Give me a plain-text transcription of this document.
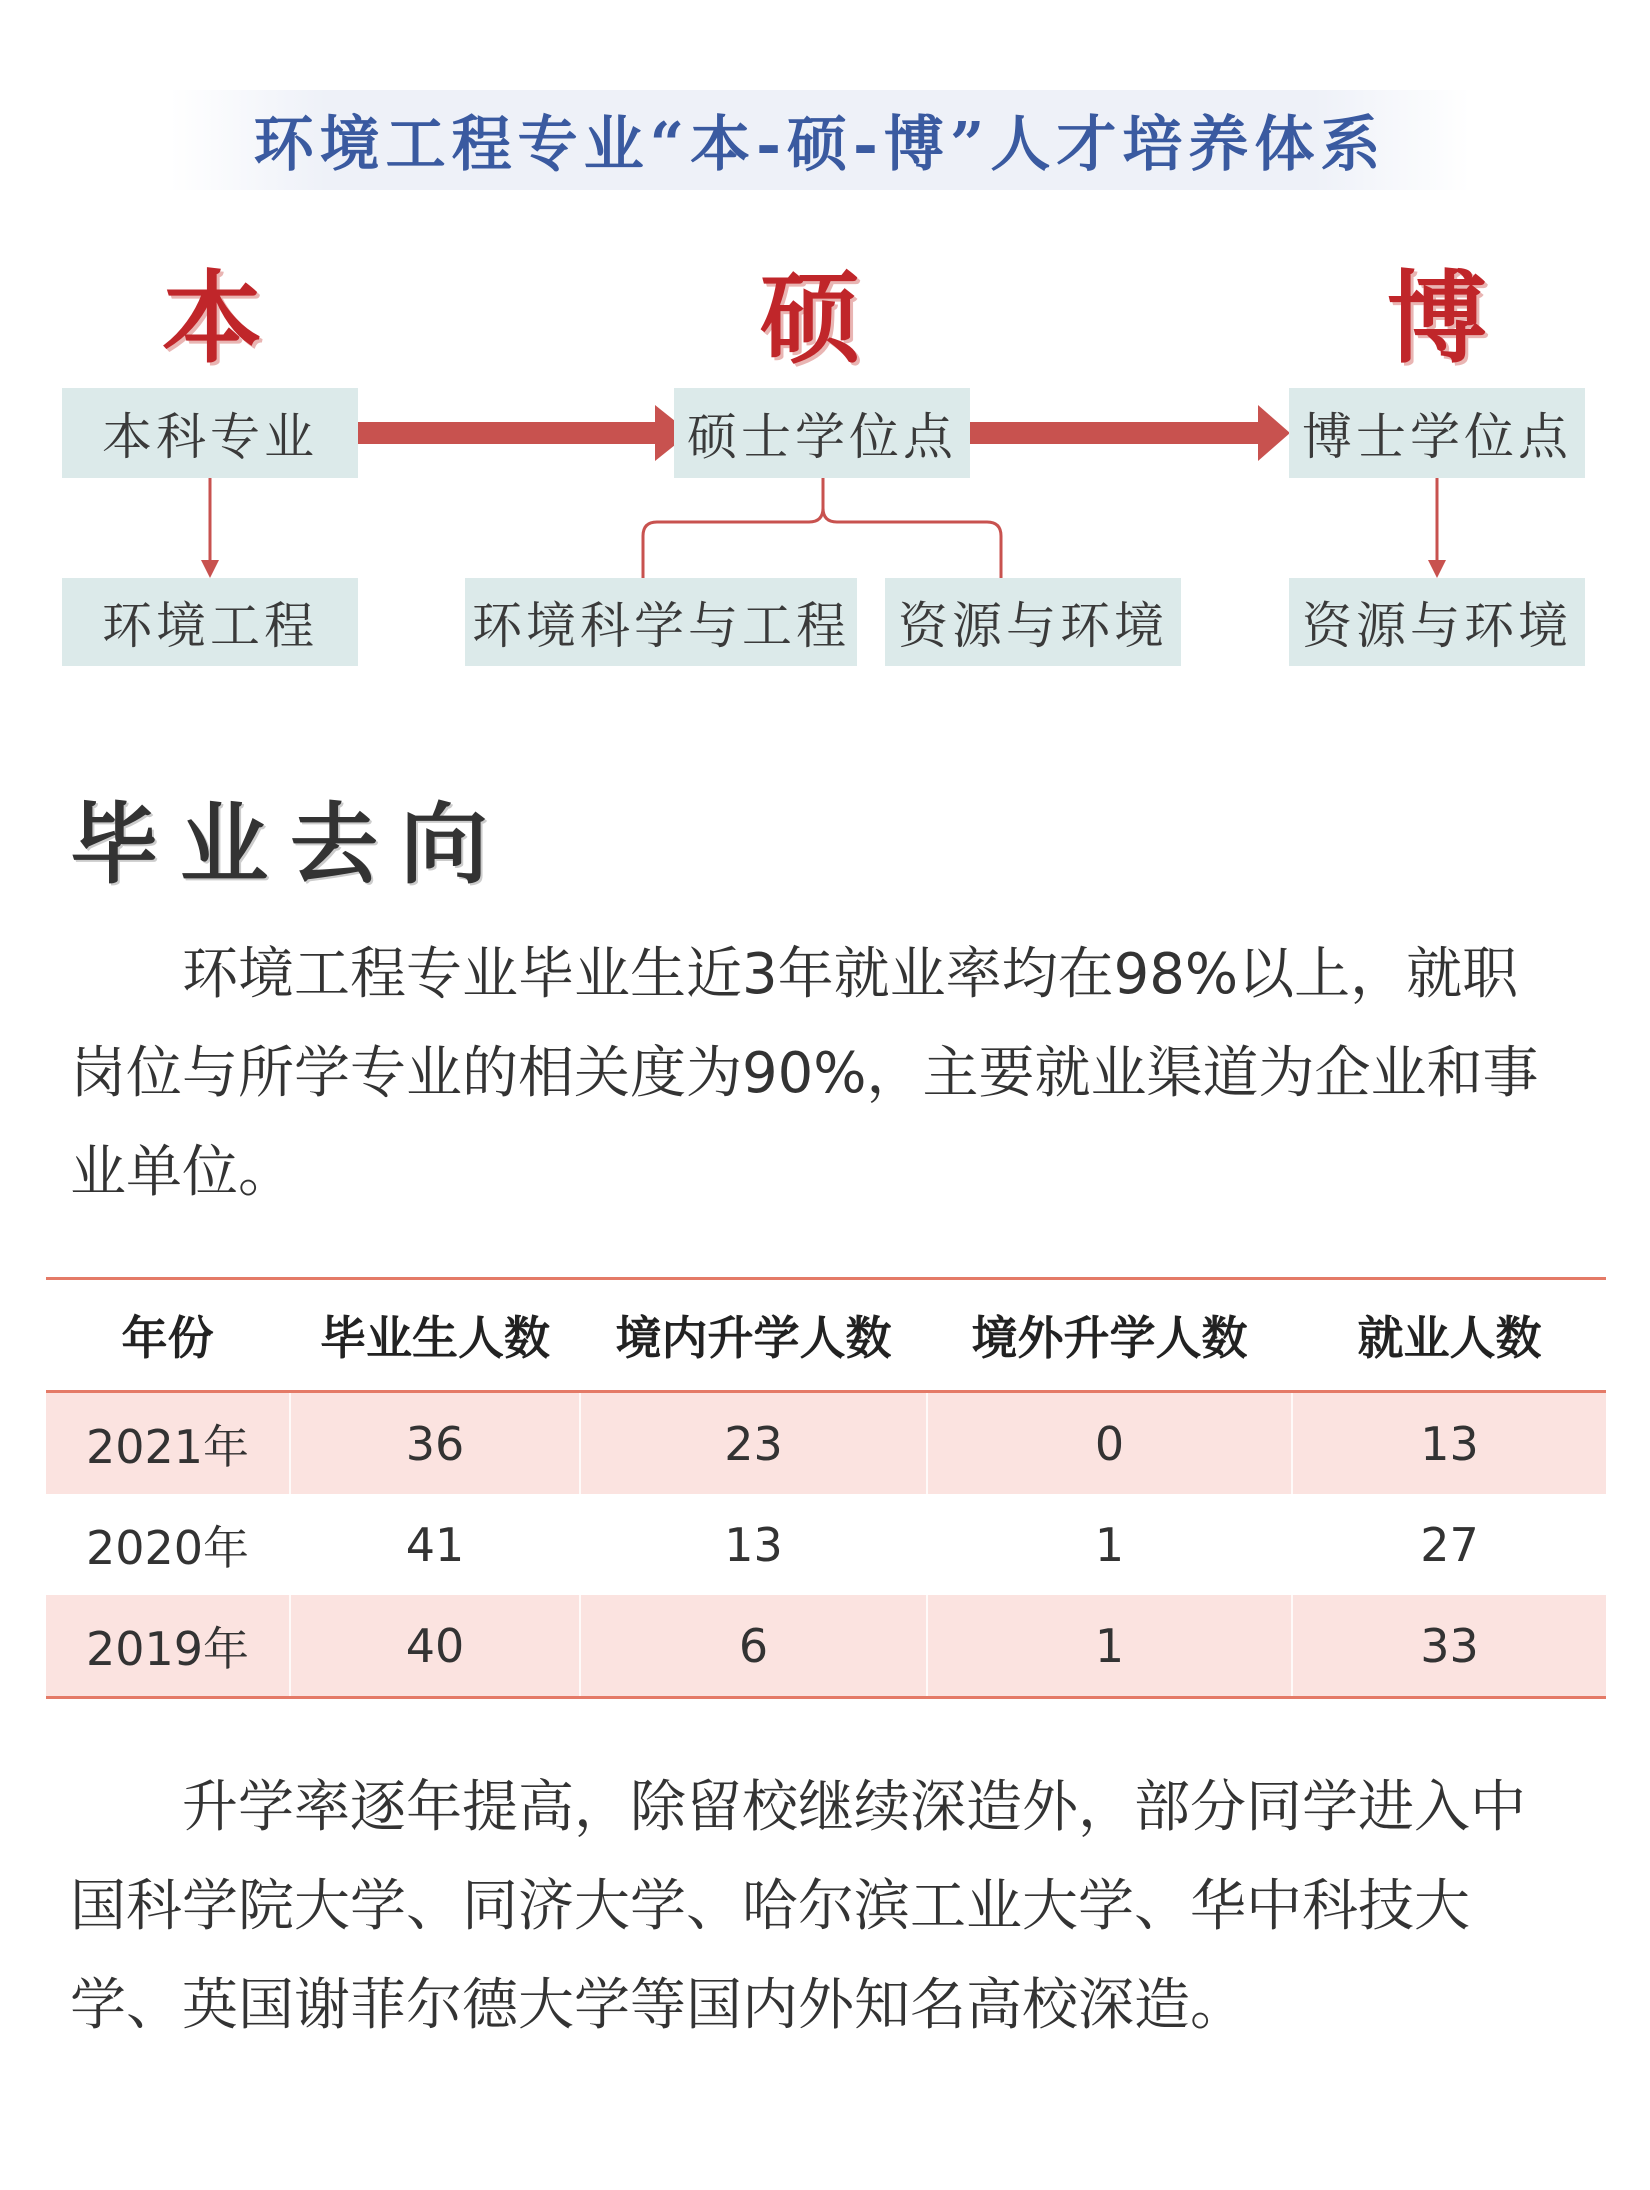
环境工程专业“本-硕-博”人才培养体系
本	硕	博
本科专业	硕士学位点	博士学位点
环境工程	环境科学与工程 资源与环境	资源与环境
毕业去向
环境工程专业毕业生近3年就业率均在98%以上，就职岗位与所学专业的相关度为90%，主要就业渠道为企业和事业单位。
年份	毕业生人数	境内升学人数	境外升学人数	就业人数
2021年	36	23	0	13
2020年	41	13	1	27
2019年	40	6	1	33
升学率逐年提高，除留校继续深造外，部分同学进入中国科学院大学、同济大学、哈尔滨工业大学、华中科技大学、英国谢菲尔德大学等国内外知名高校深造。
